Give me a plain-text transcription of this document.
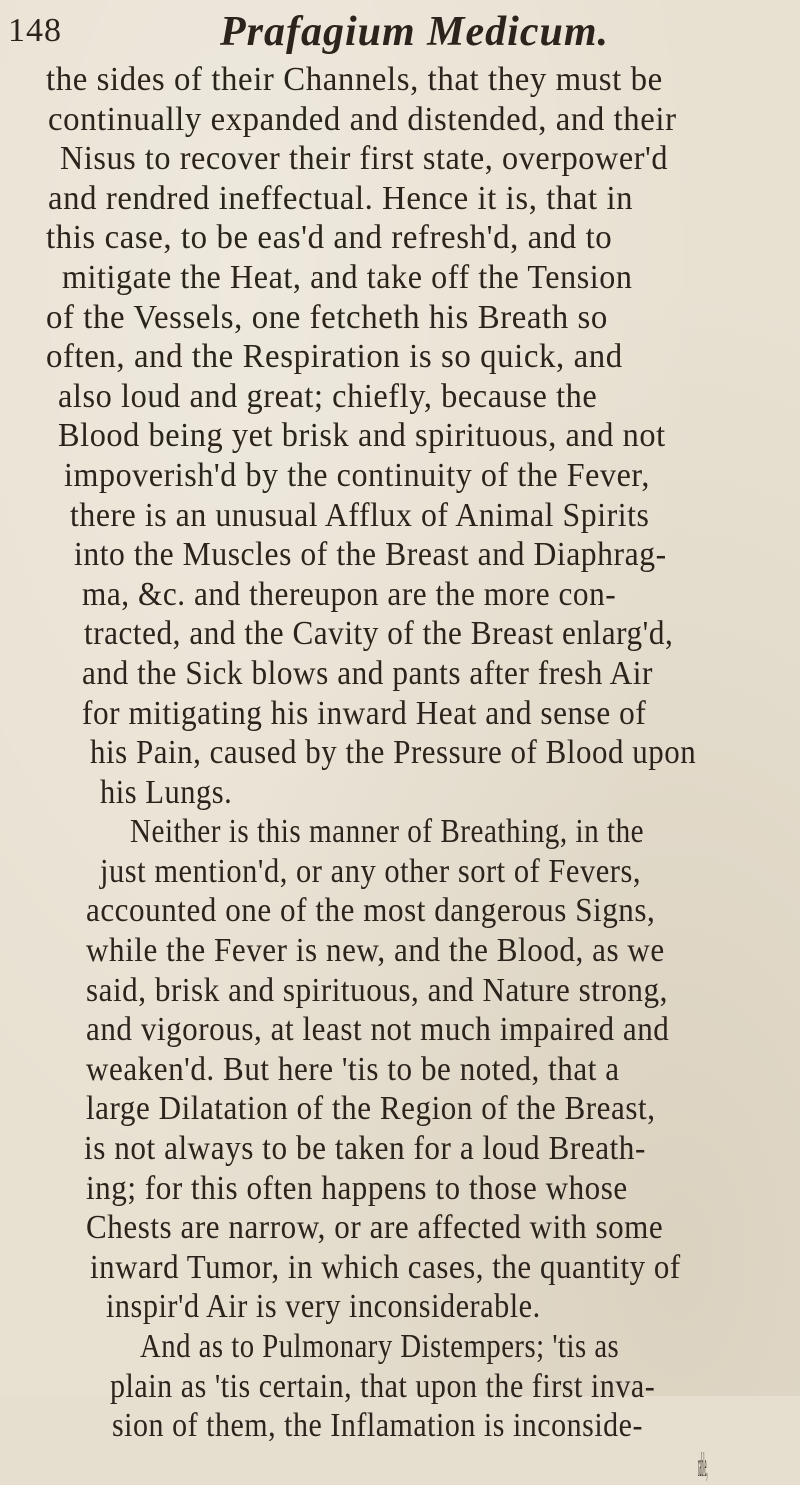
148	Prafagium Medicum.
the sides of their Channels, that they must be
continually expanded and distended, and their
Nisus to recover their first state, overpower'd
and rendred ineffectual. Hence it is, that in
this case, to be eas'd and refresh'd, and to
mitigate the Heat, and take off the Tension
of the Vessels, one fetcheth his Breath so
often, and the Respiration is so quick, and
also loud and great; chiefly, because the
Blood being yet brisk and spirituous, and not
impoverish'd by the continuity of the Fever,
there is an unusual Afflux of Animal Spirits
into the Muscles of the Breast and Diaphrag-
ma, &c. and thereupon are the more con-
tracted, and the Cavity of the Breast enlarg'd,
and the Sick blows and pants after fresh Air
for mitigating his inward Heat and sense of
his Pain, caused by the Pressure of Blood upon
his Lungs.
Neither is this manner of Breathing, in the
just mention'd, or any other sort of Fevers,
accounted one of the most dangerous Signs,
while the Fever is new, and the Blood, as we
said, brisk and spirituous, and Nature strong,
and vigorous, at least not much impaired and
weaken'd. But here 'tis to be noted, that a
large Dilatation of the Region of the Breast,
is not always to be taken for a loud Breath-
ing; for this often happens to those whose
Chests are narrow, or are affected with some
inward Tumor, in which cases, the quantity of
inspir'd Air is very inconsiderable.
And as to Pulmonary Distempers; 'tis as
plain as 'tis certain, that upon the first inva-
sion of them, the Inflamation is inconside-
rable,
